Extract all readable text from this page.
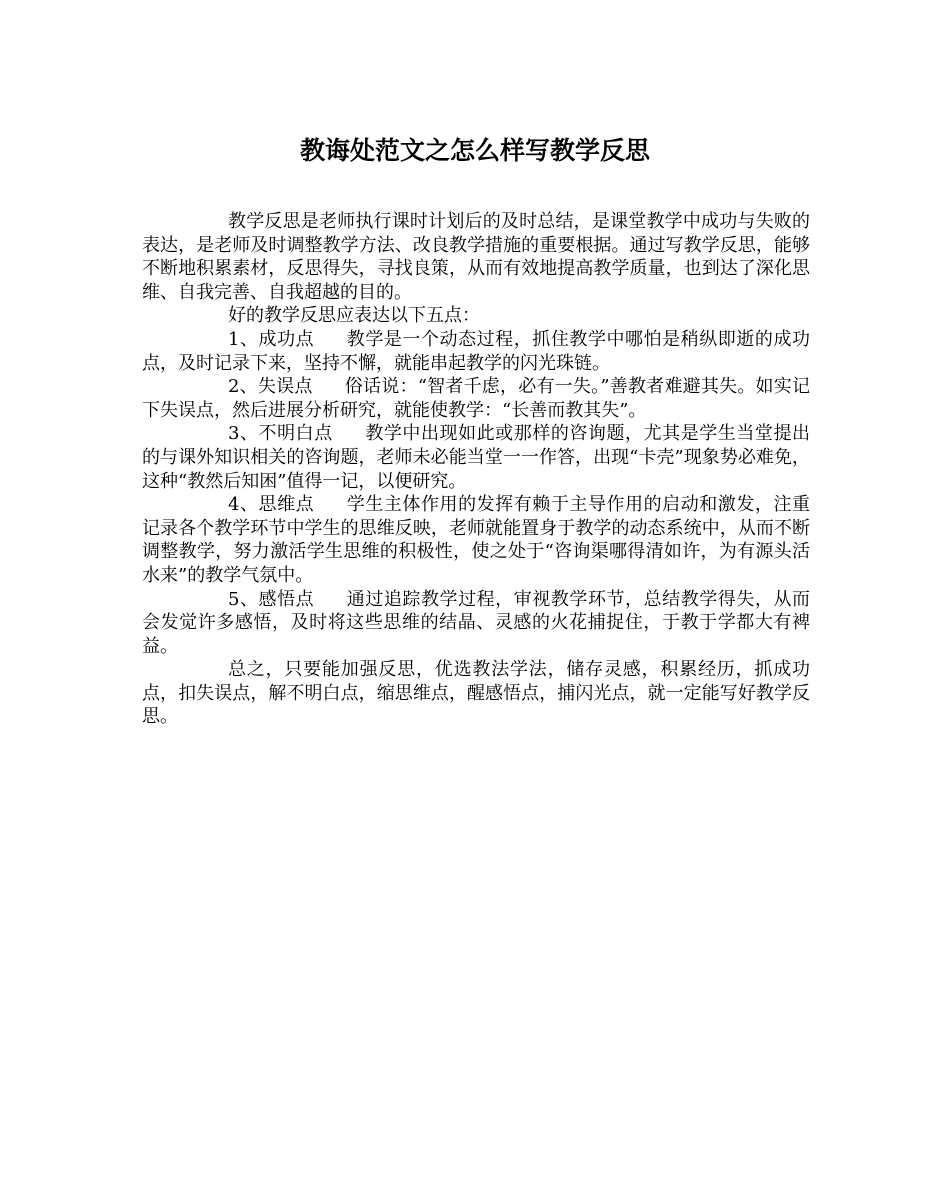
教诲处范文之怎么样写教学反思

教学反思是老师执行课时计划后的及时总结，是课堂教学中成功与失败的表达，是老师及时调整教学方法、改良教学措施的重要根据。通过写教学反思，能够不断地积累素材，反思得失，寻找良策，从而有效地提高教学质量，也到达了深化思维、自我完善、自我超越的目的。

好的教学反思应表达以下五点：

1、成功点 教学是一个动态过程，抓住教学中哪怕是稍纵即逝的成功点，及时记录下来，坚持不懈，就能串起教学的闪光珠链。

2、失误点 俗话说：“智者千虑，必有一失。”善教者难避其失。如实记下失误点，然后进展分析研究，就能使教学：“长善而教其失”。

3、不明白点 教学中出现如此或那样的咨询题，尤其是学生当堂提出的与课外知识相关的咨询题，老师未必能当堂一一作答，出现“卡壳”现象势必难免，这种“教然后知困”值得一记，以便研究。

4、思维点 学生主体作用的发挥有赖于主导作用的启动和激发，注重记录各个教学环节中学生的思维反映，老师就能置身于教学的动态系统中，从而不断调整教学，努力激活学生思维的积极性，使之处于“咨询渠哪得清如许，为有源头活水来”的教学气氛中。

5、感悟点 通过追踪教学过程，审视教学环节，总结教学得失，从而会发觉许多感悟，及时将这些思维的结晶、灵感的火花捕捉住，于教于学都大有裨益。

总之，只要能加强反思，优选教法学法，储存灵感，积累经历，抓成功点，扣失误点，解不明白点，缩思维点，醒感悟点，捕闪光点，就一定能写好教学反思。
